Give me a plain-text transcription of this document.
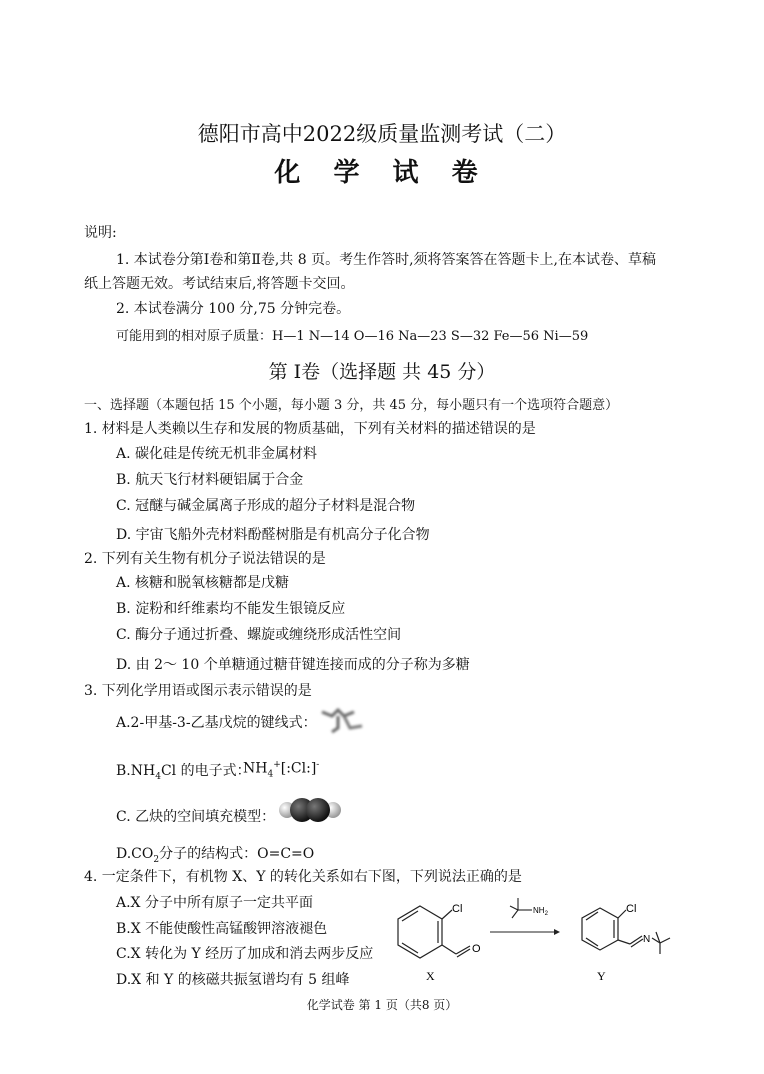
德阳市高中2022级质量监测考试（二）
化 学 试 卷
说明:
1. 本试卷分第Ⅰ卷和第Ⅱ卷,共 8 页。考生作答时,须将答案答在答题卡上,在本试卷、草稿
纸上答题无效。考试结束后,将答题卡交回。
2. 本试卷满分 100 分,75 分钟完卷。
可能用到的相对原子质量：H—1 N—14 O—16 Na—23 S—32 Fe—56 Ni—59
第 Ⅰ卷（选择题 共 45 分）
一、选择题（本题包括 15 个小题，每小题 3 分，共 45 分，每小题只有一个选项符合题意）
1. 材料是人类赖以生存和发展的物质基础，下列有关材料的描述错误的是
A. 碳化硅是传统无机非金属材料
B. 航天飞行材料硬铝属于合金
C. 冠醚与碱金属离子形成的超分子材料是混合物
D. 宇宙飞船外壳材料酚醛树脂是有机高分子化合物
2. 下列有关生物有机分子说法错误的是
A. 核糖和脱氧核糖都是戊糖
B. 淀粉和纤维素均不能发生银镜反应
C. 酶分子通过折叠、螺旋或缠绕形成活性空间
D. 由 2～ 10 个单糖通过糖苷键连接而成的分子称为多糖
3. 下列化学用语或图示表示错误的是
A.2-甲基-3-乙基戊烷的键线式：
$B.NH_4Cl$ 的电子式：
$NH_4^+[:Cl:]^-$
C. 乙炔的空间填充模型：
$D.CO_2$分子的结构式：O=C=O
4. 一定条件下，有机物 X、Y 的转化关系如右下图，下列说法正确的是
A.X 分子中所有原子一定共平面
B.X 不能使酸性高锰酸钾溶液褪色
C.X 转化为 Y 经历了加成和消去两步反应
D.X 和 Y 的核磁共振氢谱均有 5 组峰
Cl
O
X
$NH_2$	Cl
N
Y
化学试卷 第 1 页（共8 页）
